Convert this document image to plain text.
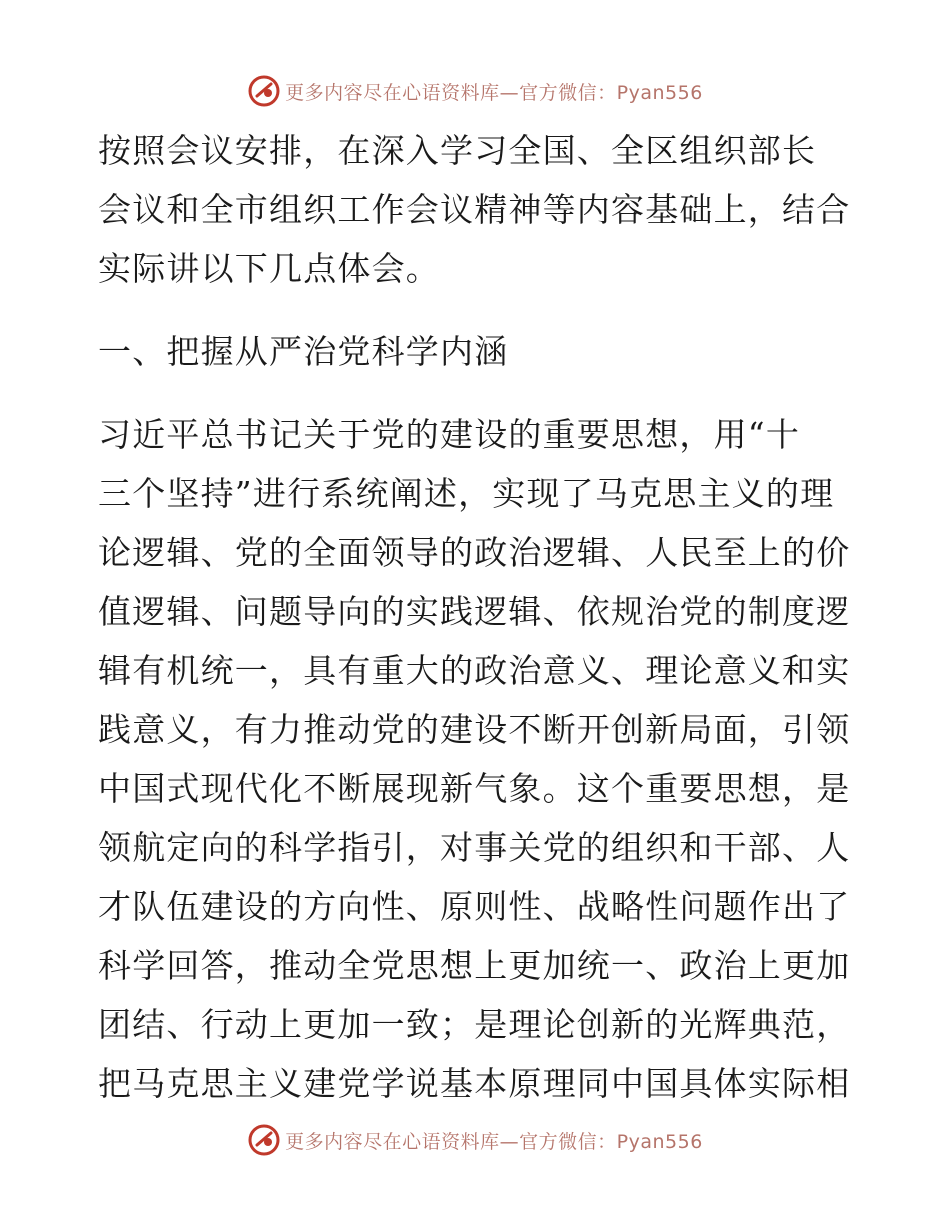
更多内容尽在心语资料库—官方微信：Pyan556
按照会议安排，在深入学习全国、全区组织部长
会议和全市组织工作会议精神等内容基础上，结合
实际讲以下几点体会。
一、把握从严治党科学内涵
习近平总书记关于党的建设的重要思想，用“十
三个坚持”进行系统阐述，实现了马克思主义的理
论逻辑、党的全面领导的政治逻辑、人民至上的价
值逻辑、问题导向的实践逻辑、依规治党的制度逻
辑有机统一，具有重大的政治意义、理论意义和实
践意义，有力推动党的建设不断开创新局面，引领
中国式现代化不断展现新气象。这个重要思想，是
领航定向的科学指引，对事关党的组织和干部、人
才队伍建设的方向性、原则性、战略性问题作出了
科学回答，推动全党思想上更加统一、政治上更加
团结、行动上更加一致；是理论创新的光辉典范，
把马克思主义建党学说基本原理同中国具体实际相
更多内容尽在心语资料库—官方微信：Pyan556
